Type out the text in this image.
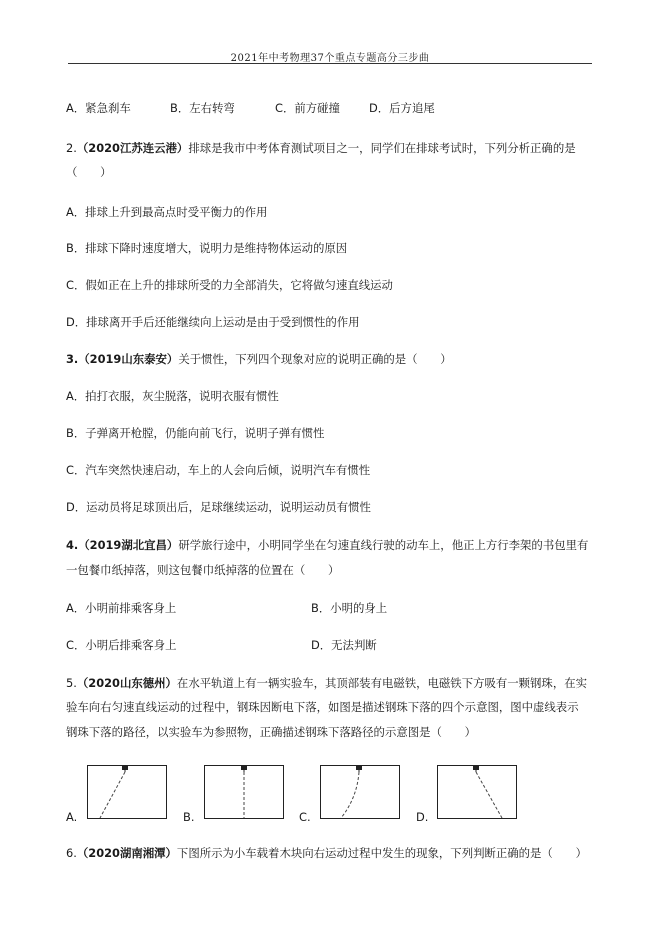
2021年中考物理37个重点专题高分三步曲
A．紧急刹车	B．左右转弯	C．前方碰撞	D．后方追尾
2.（2020江苏连云港）排球是我市中考体育测试项目之一，同学们在排球考试时，下列分析正确的是
（　　）
A．排球上升到最高点时受平衡力的作用
B．排球下降时速度增大，说明力是维持物体运动的原因
C．假如正在上升的排球所受的力全部消失，它将做匀速直线运动
D．排球离开手后还能继续向上运动是由于受到惯性的作用
3.（2019山东泰安）关于惯性，下列四个现象对应的说明正确的是（　　）
A．拍打衣服，灰尘脱落，说明衣服有惯性
B．子弹离开枪膛，仍能向前飞行，说明子弹有惯性
C．汽车突然快速启动，车上的人会向后倾，说明汽车有惯性
D．运动员将足球顶出后，足球继续运动，说明运动员有惯性
4.（2019湖北宜昌）研学旅行途中，小明同学坐在匀速直线行驶的动车上，他正上方行李架的书包里有
一包餐巾纸掉落，则这包餐巾纸掉落的位置在（　　）
A．小明前排乘客身上	B．小明的身上
C．小明后排乘客身上	D．无法判断
5.（2020山东德州）在水平轨道上有一辆实验车，其顶部装有电磁铁，电磁铁下方吸有一颗钢珠，在实
验车向右匀速直线运动的过程中，钢珠因断电下落，如图是描述钢珠下落的四个示意图，图中虚线表示
钢珠下落的路径，以实验车为参照物，正确描述钢珠下落路径的示意图是（　　）
A.	B.	C.	D.
6.（2020湖南湘潭）下图所示为小车载着木块向右运动过程中发生的现象，下列判断正确的是（　　）
